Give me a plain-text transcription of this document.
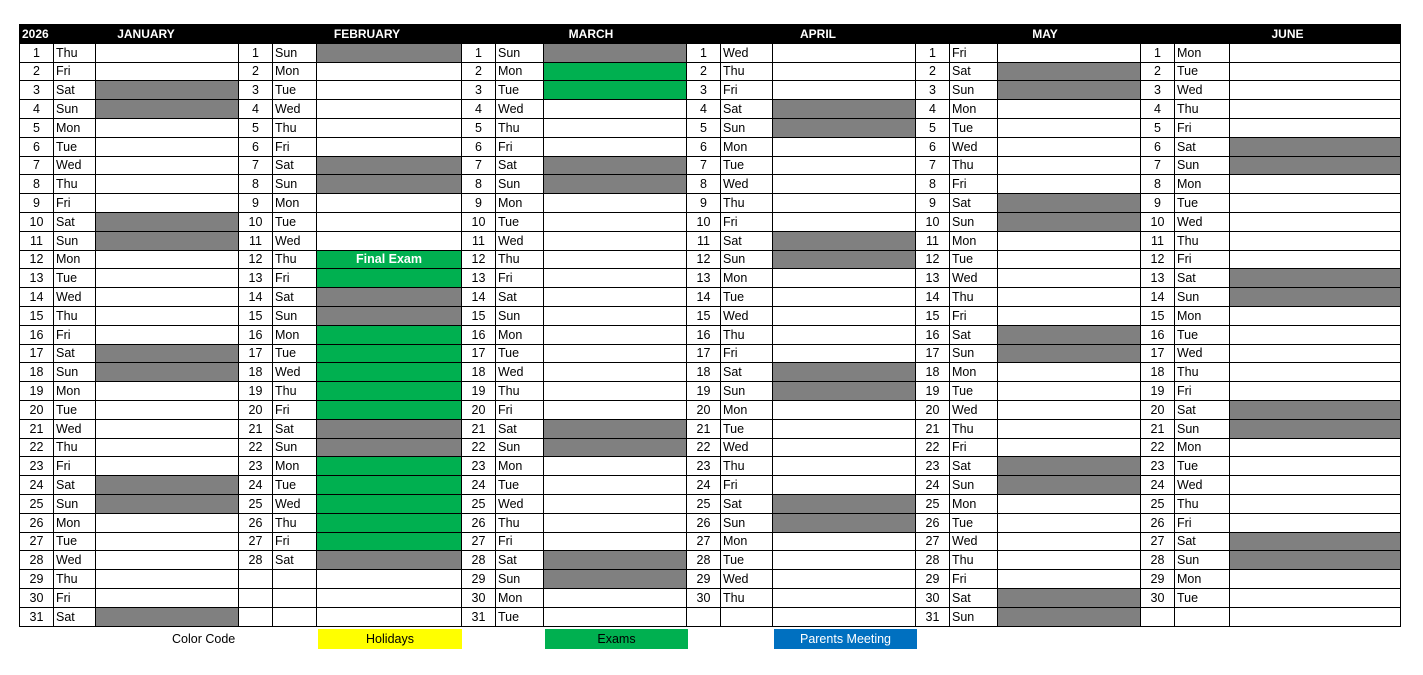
2026	JANUARY			FEBRUARY			MARCH			APRIL			MAY			JUNE	
1	Thu		1	Sun		1	Sun		1	Wed		1	Fri		1	Mon	
2	Fri		2	Mon		2	Mon		2	Thu		2	Sat		2	Tue	
3	Sat		3	Tue		3	Tue		3	Fri		3	Sun		3	Wed	
4	Sun		4	Wed		4	Wed		4	Sat		4	Mon		4	Thu	
5	Mon		5	Thu		5	Thu		5	Sun		5	Tue		5	Fri	
6	Tue		6	Fri		6	Fri		6	Mon		6	Wed		6	Sat	
7	Wed		7	Sat		7	Sat		7	Tue		7	Thu		7	Sun	
8	Thu		8	Sun		8	Sun		8	Wed		8	Fri		8	Mon	
9	Fri		9	Mon		9	Mon		9	Thu		9	Sat		9	Tue	
10	Sat		10	Tue		10	Tue		10	Fri		10	Sun		10	Wed	
11	Sun		11	Wed		11	Wed		11	Sat		11	Mon		11	Thu	
12	Mon		12	Thu	Final Exam	12	Thu		12	Sun		12	Tue		12	Fri	
13	Tue		13	Fri		13	Fri		13	Mon		13	Wed		13	Sat	
14	Wed		14	Sat		14	Sat		14	Tue		14	Thu		14	Sun	
15	Thu		15	Sun		15	Sun		15	Wed		15	Fri		15	Mon	
16	Fri		16	Mon		16	Mon		16	Thu		16	Sat		16	Tue	
17	Sat		17	Tue		17	Tue		17	Fri		17	Sun		17	Wed	
18	Sun		18	Wed		18	Wed		18	Sat		18	Mon		18	Thu	
19	Mon		19	Thu		19	Thu		19	Sun		19	Tue		19	Fri	
20	Tue		20	Fri		20	Fri		20	Mon		20	Wed		20	Sat	
21	Wed		21	Sat		21	Sat		21	Tue		21	Thu		21	Sun	
22	Thu		22	Sun		22	Sun		22	Wed		22	Fri		22	Mon	
23	Fri		23	Mon		23	Mon		23	Thu		23	Sat		23	Tue	
24	Sat		24	Tue		24	Tue		24	Fri		24	Sun		24	Wed	
25	Sun		25	Wed		25	Wed		25	Sat		25	Mon		25	Thu	
26	Mon		26	Thu		26	Thu		26	Sun		26	Tue		26	Fri	
27	Tue		27	Fri		27	Fri		27	Mon		27	Wed		27	Sat	
28	Wed		28	Sat		28	Sat		28	Tue		28	Thu		28	Sun	
29	Thu					29	Sun		29	Wed		29	Fri		29	Mon	
30	Fri					30	Mon		30	Thu		30	Sat		30	Tue	
31	Sat					31	Tue					31	Sun				
Color Code	Holidays	Exams	Parents Meeting
